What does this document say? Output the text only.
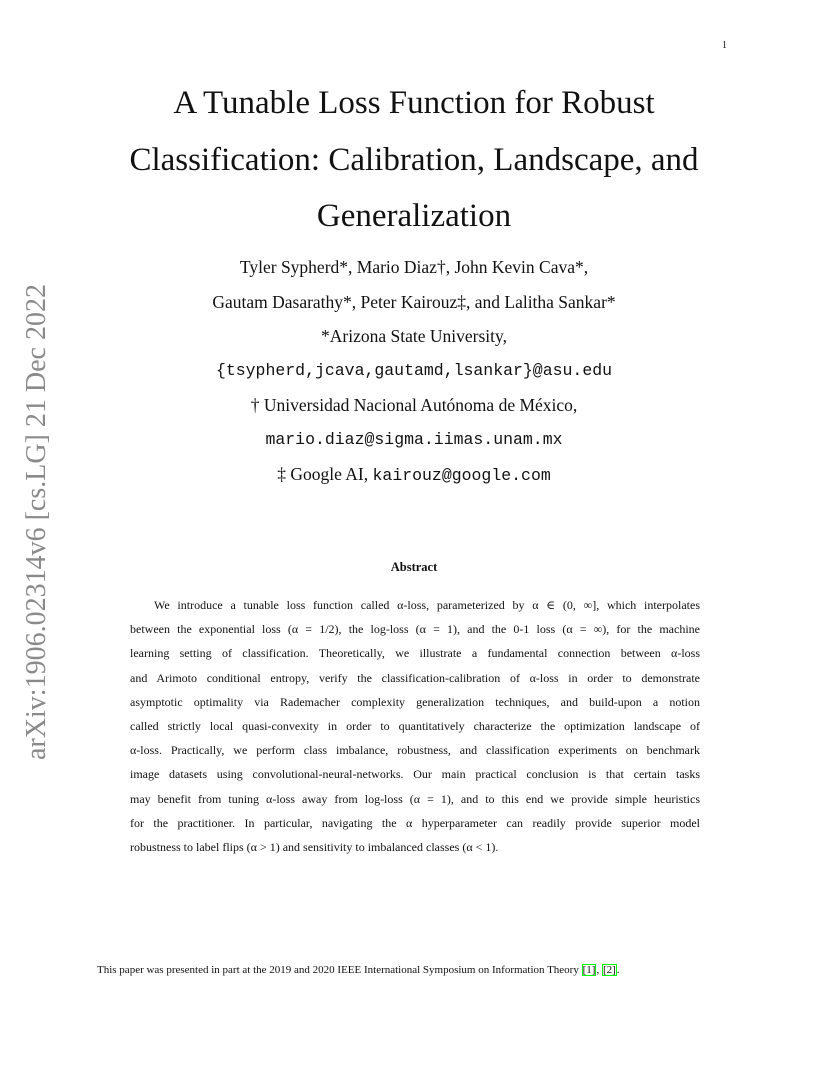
1
arXiv:1906.02314v6 [cs.LG] 21 Dec 2022
A Tunable Loss Function for Robust
Classification: Calibration, Landscape, and
Generalization
Tyler Sypherd*, Mario Diaz†, John Kevin Cava*,
Gautam Dasarathy*, Peter Kairouz‡, and Lalitha Sankar*
*Arizona State University,
{tsypherd,jcava,gautamd,lsankar}@asu.edu
† Universidad Nacional Autónoma de México,
mario.diaz@sigma.iimas.unam.mx
‡ Google AI, kairouz@google.com
Abstract
We introduce a tunable loss function called α-loss, parameterized by α ∈ (0, ∞], which interpolates
between the exponential loss (α = 1/2), the log-loss (α = 1), and the 0-1 loss (α = ∞), for the machine
learning setting of classification. Theoretically, we illustrate a fundamental connection between α-loss
and Arimoto conditional entropy, verify the classification-calibration of α-loss in order to demonstrate
asymptotic optimality via Rademacher complexity generalization techniques, and build-upon a notion
called strictly local quasi-convexity in order to quantitatively characterize the optimization landscape of
α-loss. Practically, we perform class imbalance, robustness, and classification experiments on benchmark
image datasets using convolutional-neural-networks. Our main practical conclusion is that certain tasks
may benefit from tuning α-loss away from log-loss (α = 1), and to this end we provide simple heuristics
for the practitioner. In particular, navigating the α hyperparameter can readily provide superior model
robustness to label flips (α > 1) and sensitivity to imbalanced classes (α < 1).
This paper was presented in part at the 2019 and 2020 IEEE International Symposium on Information Theory [1], [2].
